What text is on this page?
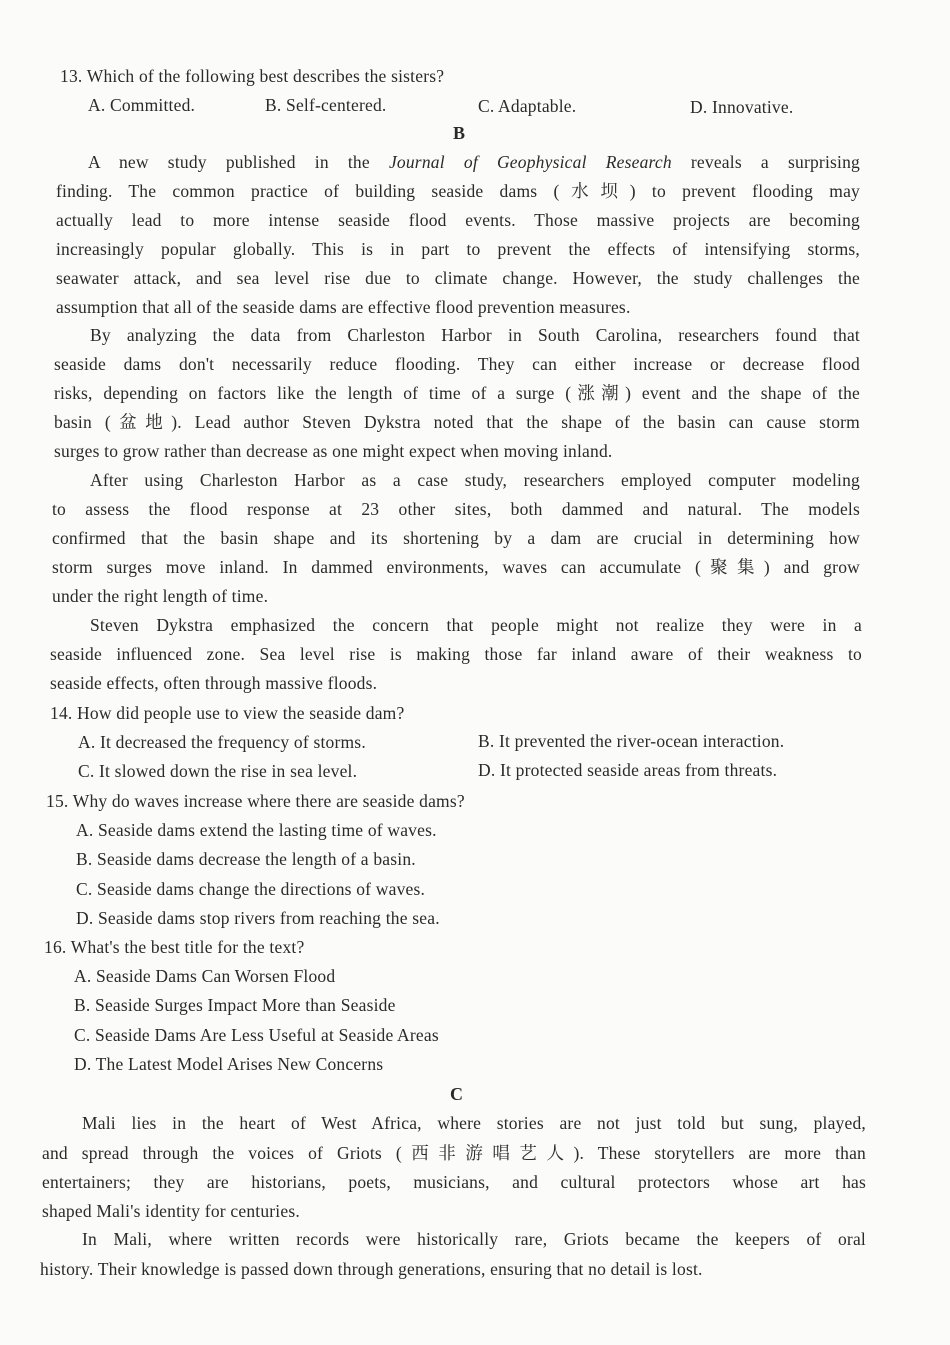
13. Which of the following best describes the sisters?
A. Committed.	B. Self-centered.	C. Adaptable.	D. Innovative.
B
A new study published in the Journal of Geophysical Research reveals a surprising
finding. The common practice of building seaside dams (水坝) to prevent flooding may
actually lead to more intense seaside flood events. Those massive projects are becoming
increasingly popular globally. This is in part to prevent the effects of intensifying storms,
seawater attack, and sea level rise due to climate change. However, the study challenges the
assumption that all of the seaside dams are effective flood prevention measures.
By analyzing the data from Charleston Harbor in South Carolina, researchers found that
seaside dams don't necessarily reduce flooding. They can either increase or decrease flood
risks, depending on factors like the length of time of a surge (涨潮) event and the shape of the
basin (盆地). Lead author Steven Dykstra noted that the shape of the basin can cause storm
surges to grow rather than decrease as one might expect when moving inland.
After using Charleston Harbor as a case study, researchers employed computer modeling
to assess the flood response at 23 other sites, both dammed and natural. The models
confirmed that the basin shape and its shortening by a dam are crucial in determining how
storm surges move inland. In dammed environments, waves can accumulate (聚集) and grow
under the right length of time.
Steven Dykstra emphasized the concern that people might not realize they were in a
seaside influenced zone. Sea level rise is making those far inland aware of their weakness to
seaside effects, often through massive floods.
14. How did people use to view the seaside dam?
A. It decreased the frequency of storms.	B. It prevented the river-ocean interaction.
C. It slowed down the rise in sea level.	D. It protected seaside areas from threats.
15. Why do waves increase where there are seaside dams?
A. Seaside dams extend the lasting time of waves.
B. Seaside dams decrease the length of a basin.
C. Seaside dams change the directions of waves.
D. Seaside dams stop rivers from reaching the sea.
16. What's the best title for the text?
A. Seaside Dams Can Worsen Flood
B. Seaside Surges Impact More than Seaside
C. Seaside Dams Are Less Useful at Seaside Areas
D. The Latest Model Arises New Concerns
C
Mali lies in the heart of West Africa, where stories are not just told but sung, played,
and spread through the voices of Griots (西非游唱艺人). These storytellers are more than
entertainers; they are historians, poets, musicians, and cultural protectors whose art has
shaped Mali's identity for centuries.
In Mali, where written records were historically rare, Griots became the keepers of oral
history. Their knowledge is passed down through generations, ensuring that no detail is lost.
